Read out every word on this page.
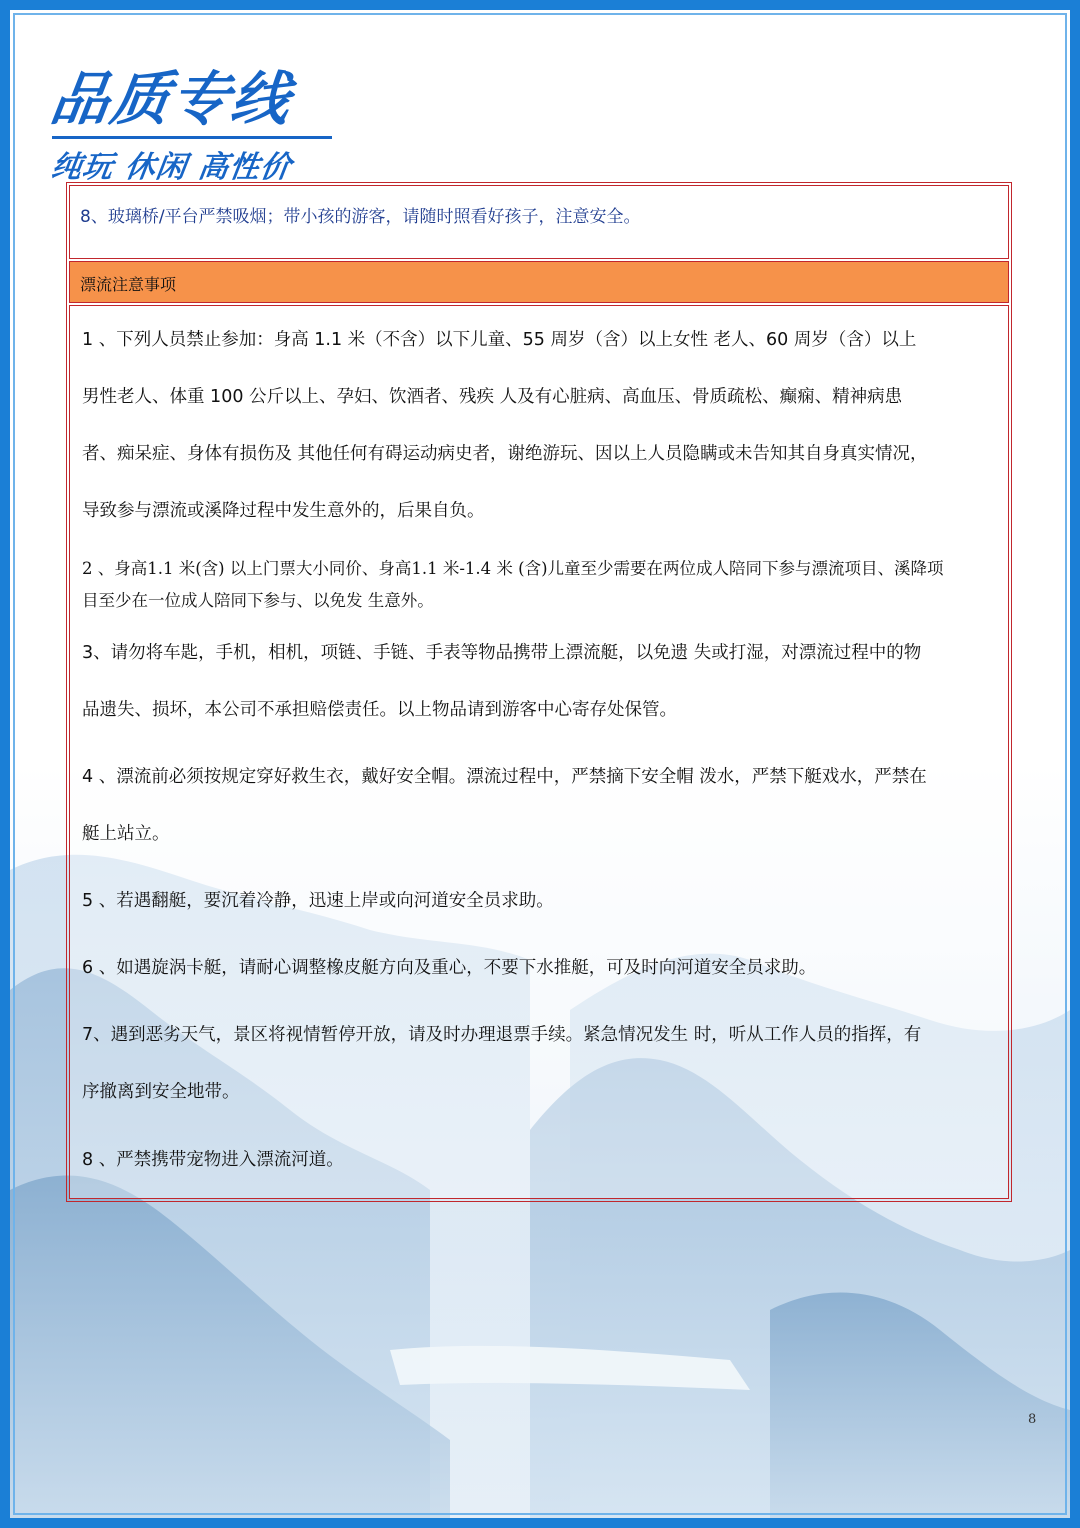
品质专线
纯玩 休闲 高性价
8、玻璃桥/平台严禁吸烟；带小孩的游客，请随时照看好孩子，注意安全。
漂流注意事项
1 、下列人员禁止参加：身高 1.1 米（不含）以下儿童、55 周岁（含）以上女性 老人、60 周岁（含）以上
男性老人、体重 100 公斤以上、孕妇、饮酒者、残疾 人及有心脏病、高血压、骨质疏松、癫痫、精神病患
者、痴呆症、身体有损伤及 其他任何有碍运动病史者，谢绝游玩、因以上人员隐瞒或未告知其自身真实情况，
导致参与漂流或溪降过程中发生意外的，后果自负。
2 、身高1.1 米(含) 以上门票大小同价、身高1.1 米-1.4 米 (含)儿童至少需要在两位成人陪同下参与漂流项目、溪降项
目至少在一位成人陪同下参与、以免发 生意外。
3、请勿将车匙，手机，相机，项链、手链、手表等物品携带上漂流艇，以免遗 失或打湿，对漂流过程中的物
品遗失、损坏，本公司不承担赔偿责任。以上物品请到游客中心寄存处保管。
4 、漂流前必须按规定穿好救生衣，戴好安全帽。漂流过程中，严禁摘下安全帽 泼水，严禁下艇戏水，严禁在
艇上站立。
5 、若遇翻艇，要沉着冷静，迅速上岸或向河道安全员求助。
6 、如遇旋涡卡艇，请耐心调整橡皮艇方向及重心，不要下水推艇，可及时向河道安全员求助。
7、遇到恶劣天气，景区将视情暂停开放，请及时办理退票手续。紧急情况发生 时，听从工作人员的指挥，有
序撤离到安全地带。
8 、严禁携带宠物进入漂流河道。
8
